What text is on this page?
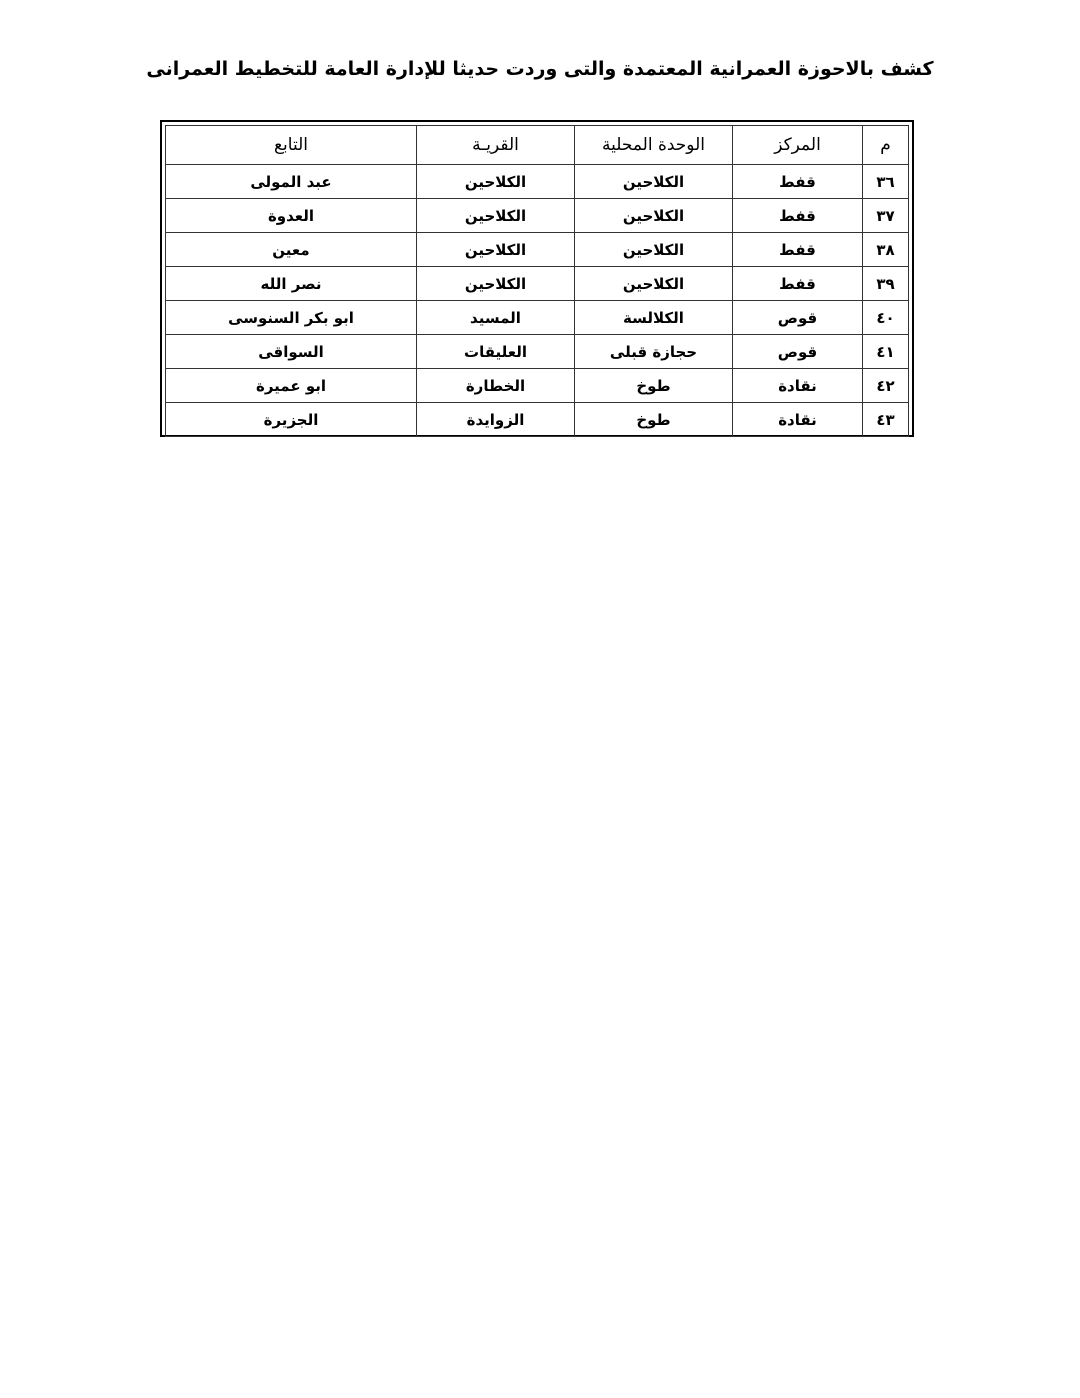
كشف بالاحوزة العمرانية المعتمدة والتى وردت حديثا للإدارة العامة للتخطيط العمرانى
م	المركز	الوحدة المحلية	القريـة	التابع
٣٦	قفط	الكلاحين	الكلاحين	عبد المولى
٣٧	قفط	الكلاحين	الكلاحين	العدوة
٣٨	قفط	الكلاحين	الكلاحين	معين
٣٩	قفط	الكلاحين	الكلاحين	نصر الله
٤٠	قوص	الكلالسة	المسيد	ابو بكر السنوسى
٤١	قوص	حجازة قبلى	العليقات	السواقى
٤٢	نقادة	طوخ	الخطارة	ابو عميرة
٤٣	نقادة	طوخ	الزوايدة	الجزيرة
